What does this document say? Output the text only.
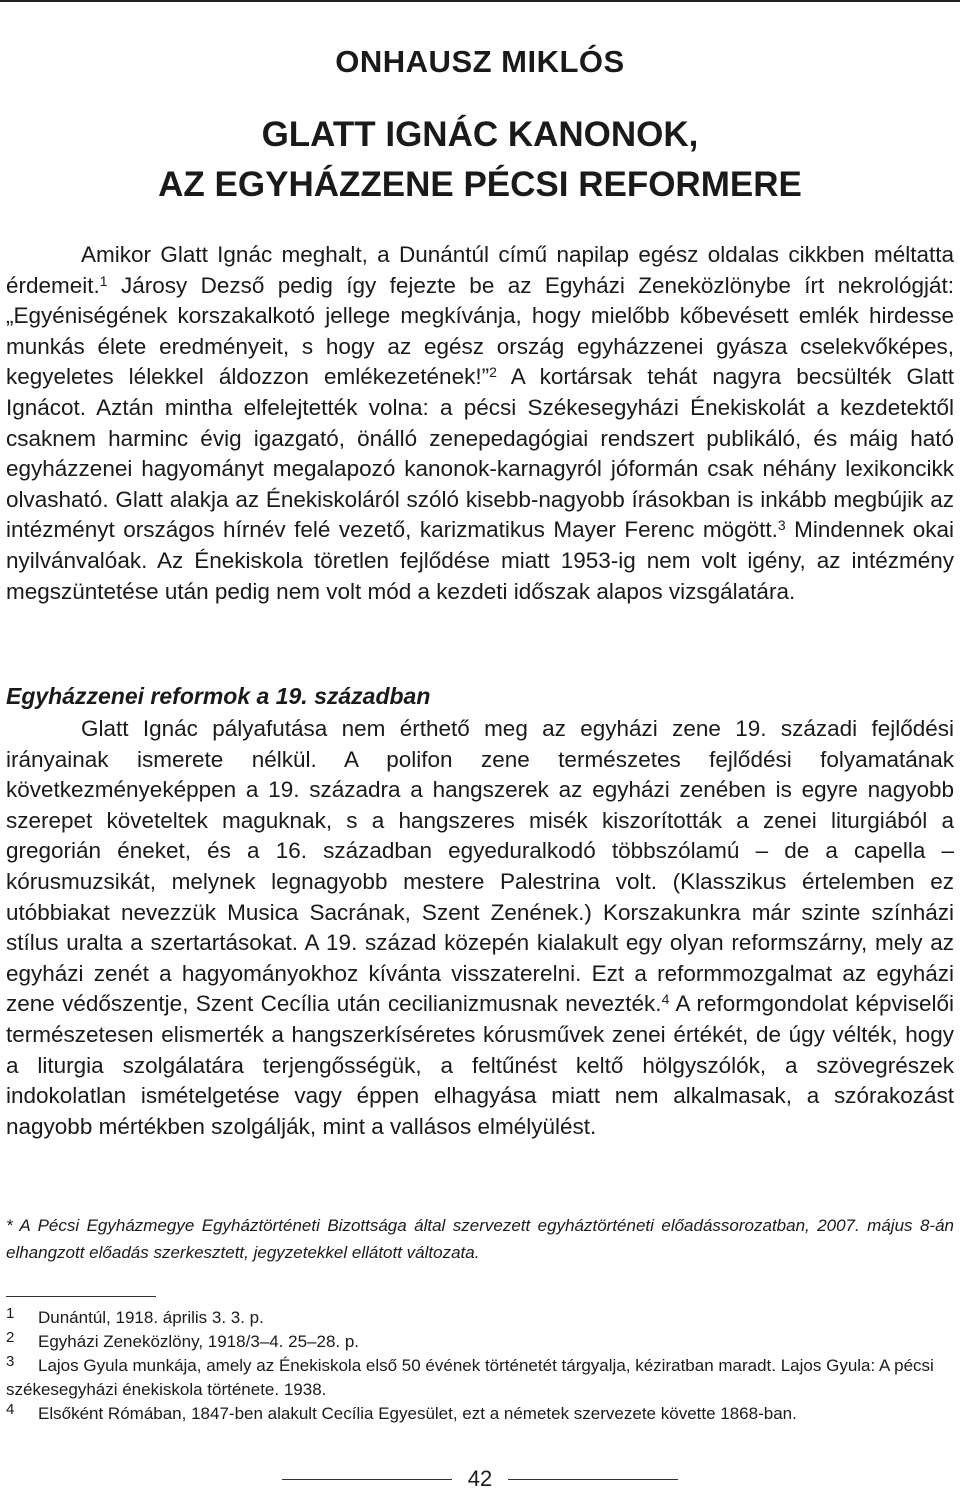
ONHAUSZ MIKLÓS
GLATT IGNÁC KANONOK,
AZ EGYHÁZZENE PÉCSI REFORMERE

Amikor Glatt Ignác meghalt, a Dunántúl című napilap egész oldalas cikkben méltatta érdemeit.$^1$ Járosy Dezső pedig így fejezte be az Egyházi Zeneközlönybe írt nekrológját: „Egyéniségének korszakalkotó jellege megkívánja, hogy mielőbb kőbevésett emlék hirdesse munkás élete eredményeit, s hogy az egész ország egyházzenei gyásza cselekvőképes, kegyeletes lélekkel áldozzon emlékezetének!”$^2$ A kortársak tehát nagyra becsülték Glatt Ignácot. Aztán mintha elfelejtették volna: a pécsi Székesegyházi Énekiskolát a kezdetektől csaknem harminc évig igazgató, önálló zenepedagógiai rendszert publikáló, és máig ható egyházzenei hagyományt megalapozó kanonok-karnagyról jóformán csak néhány lexikoncikk olvasható. Glatt alakja az Énekiskoláról szóló kisebb-nagyobb írásokban is inkább megbújik az intézményt országos hírnév felé vezető, karizmatikus Mayer Ferenc mögött.$^3$ Mindennek okai nyilvánvalóak. Az Énekiskola töretlen fejlődése miatt 1953-ig nem volt igény, az intézmény megszüntetése után pedig nem volt mód a kezdeti időszak alapos vizsgálatára.

Egyházzenei reformok a 19. században

Glatt Ignác pályafutása nem érthető meg az egyházi zene 19. századi fejlődési irányainak ismerete nélkül. A polifon zene természetes fejlődési folyamatának következményeképpen a 19. századra a hangszerek az egyházi zenében is egyre nagyobb szerepet követeltek maguknak, s a hangszeres misék kiszorították a zenei liturgiából a gregorián éneket, és a 16. században egyeduralkodó többszólamú – de a capella – kórusmuzsikát, melynek legnagyobb mestere Palestrina volt. (Klasszikus értelemben ez utóbbiakat nevezzük Musica Sacrának, Szent Zenének.) Korszakunkra már szinte színházi stílus uralta a szertartásokat. A 19. század közepén kialakult egy olyan reformszárny, mely az egyházi zenét a hagyományokhoz kívánta visszaterelni. Ezt a reformmozgalmat az egyházi zene védőszentje, Szent Cecília után cecilianizmusnak nevezték.$^4$ A reformgondolat képviselői természetesen elismerték a hangszerkíséretes kórusművek zenei értékét, de úgy vélték, hogy a liturgia szolgálatára terjengősségük, a feltűnést keltő hölgyszólók, a szövegrészek indokolatlan ismételgetése vagy éppen elhagyása miatt nem alkalmasak, a szórakozást nagyobb mértékben szolgálják, mint a vallásos elmélyülést.

* A Pécsi Egyházmegye Egyháztörténeti Bizottsága által szervezett egyháztörténeti előadássorozatban, 2007. május 8-án elhangzott előadás szerkesztett, jegyzetekkel ellátott változata.

1 Dunántúl, 1918. április 3. 3. p.

2 Egyházi Zeneközlöny, 1918/3–4. 25–28. p.

3 Lajos Gyula munkája, amely az Énekiskola első 50 évének történetét tárgyalja, kéziratban maradt. Lajos Gyula: A pécsi székesegyházi énekiskola története. 1938.

4 Elsőként Rómában, 1847-ben alakult Cecília Egyesület, ezt a németek szervezete követte 1868-ban.

42
